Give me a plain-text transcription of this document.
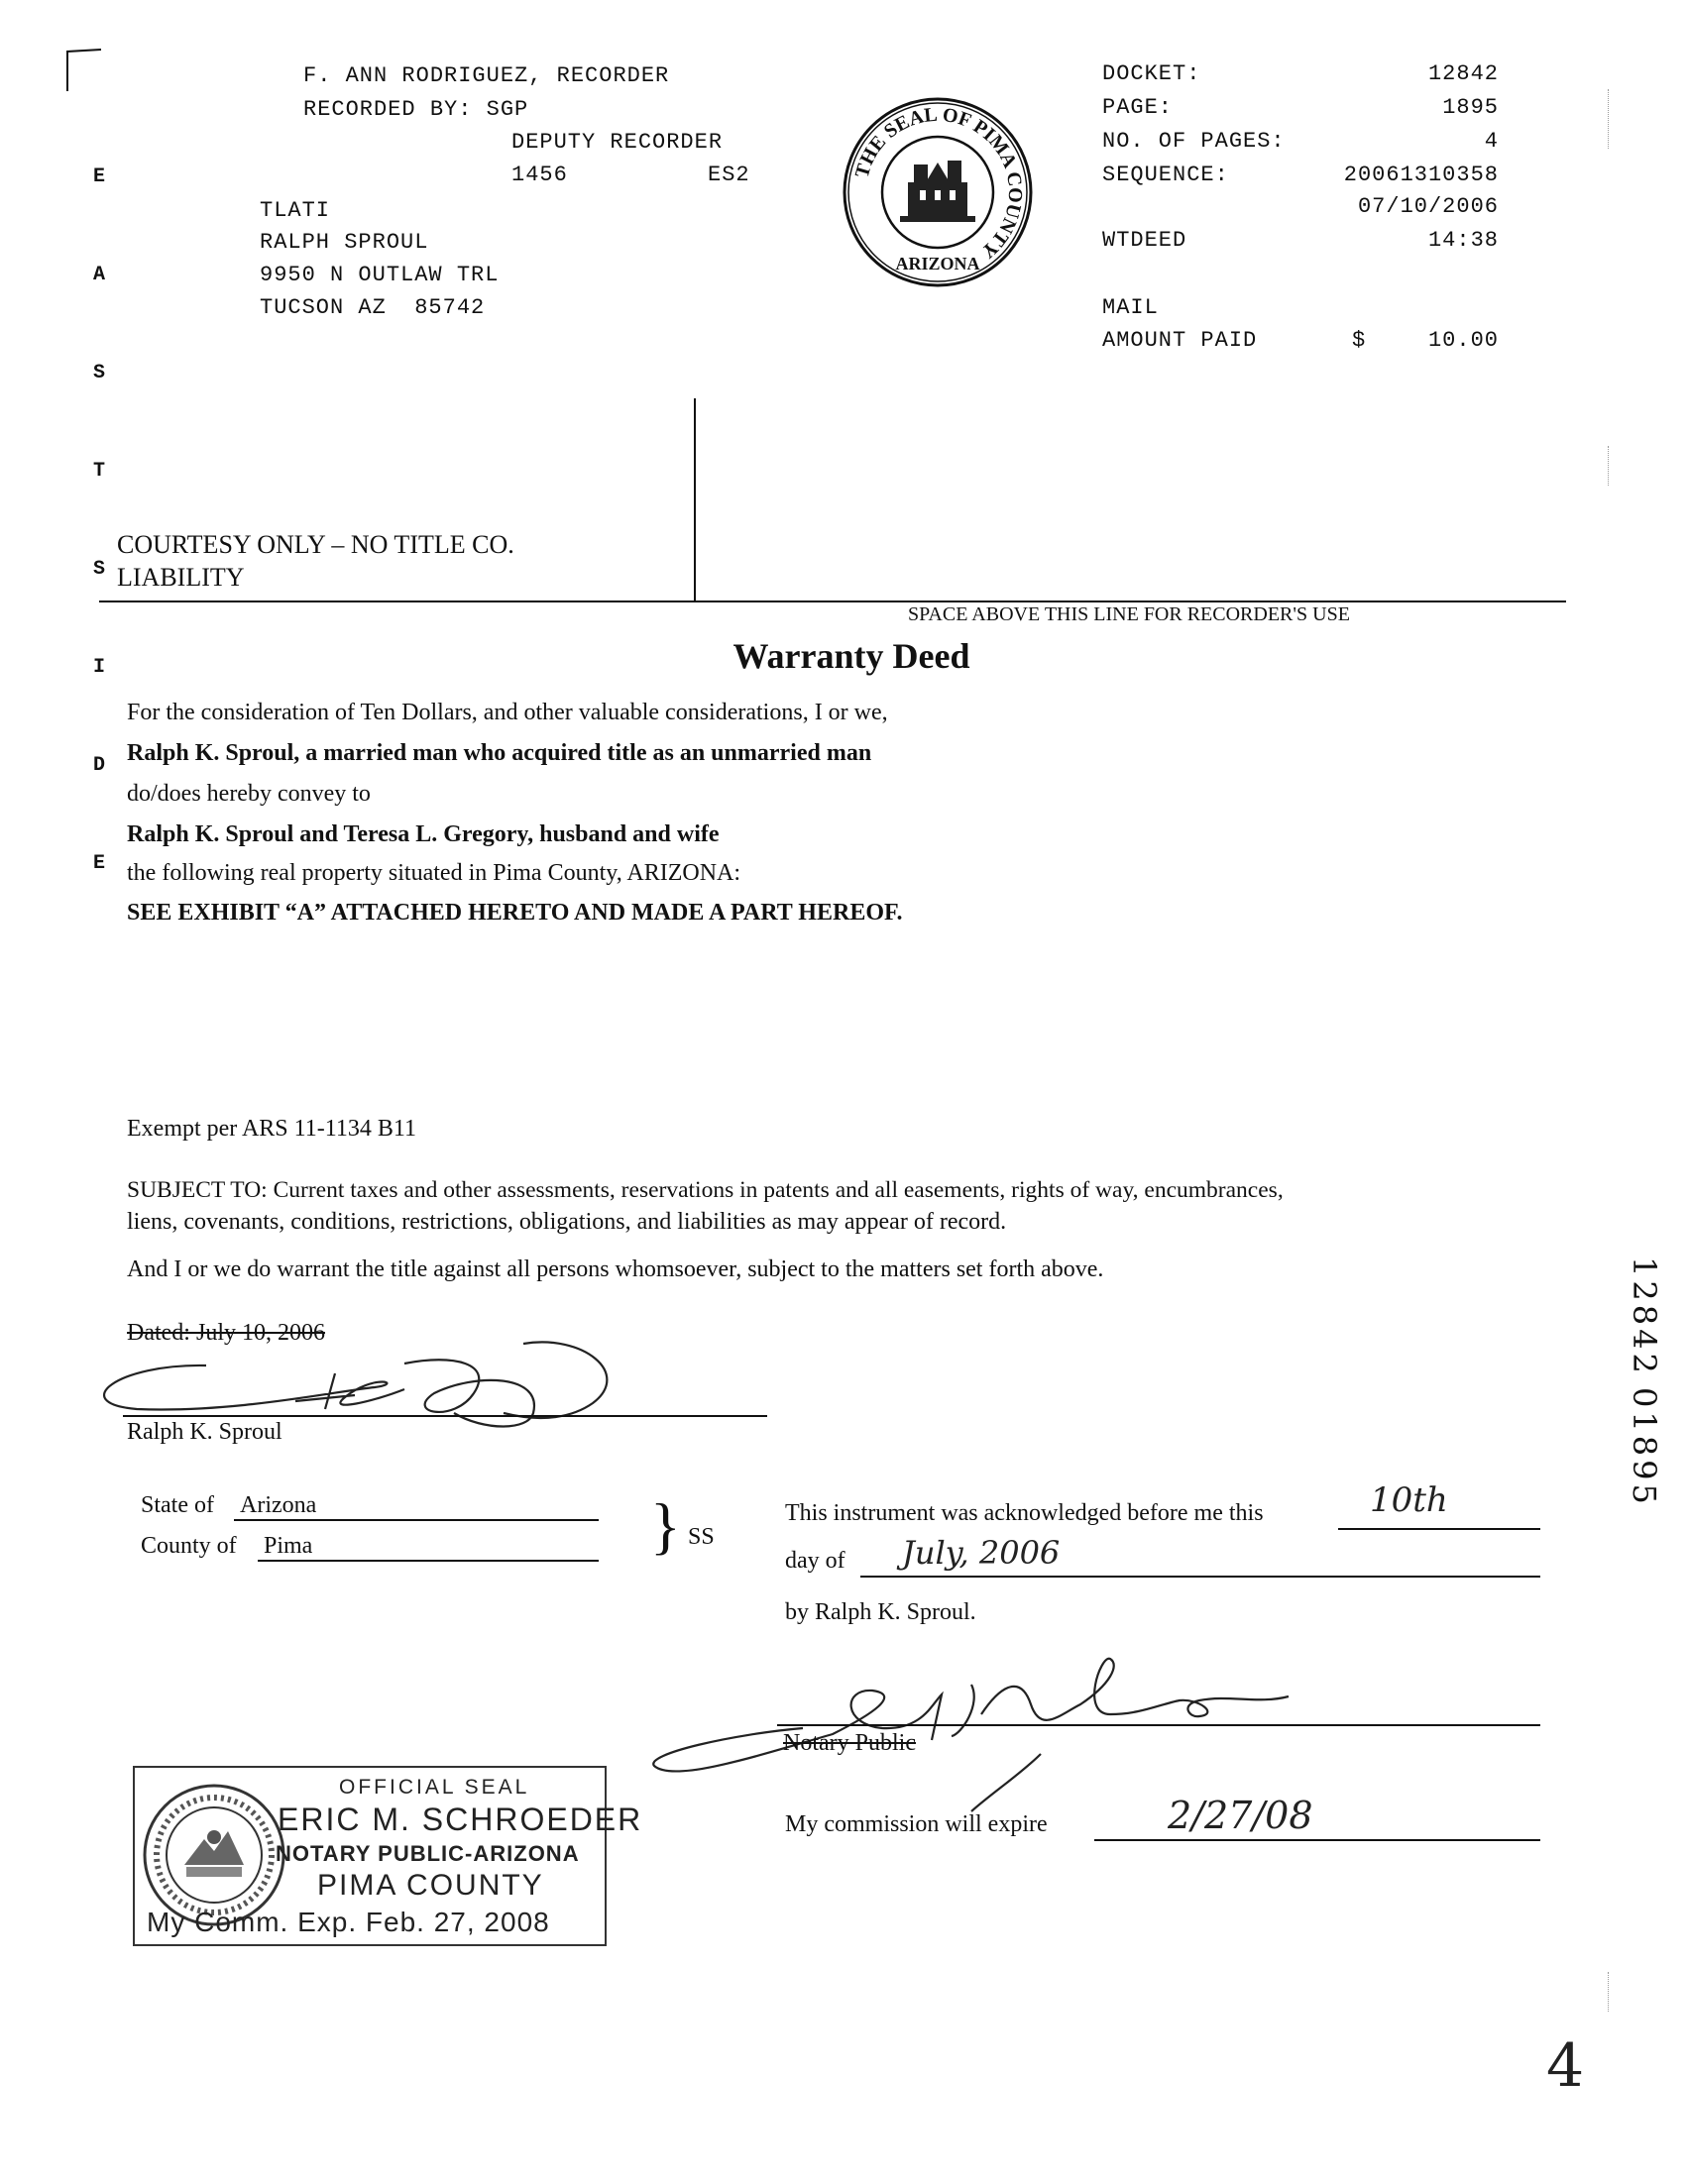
E

A

S

T

S

I

D

E

F. ANN RODRIGUEZ, RECORDER
RECORDED BY: SGP
DEPUTY RECORDER
1456	ES2
TLATI
RALPH SPROUL
9950 N OUTLAW TRL
TUCSON AZ  85742
THE SEAL OF PIMA COUNTY
ARIZONA
DOCKET:	12842
PAGE:	1895
NO. OF PAGES:	4
SEQUENCE:	20061310358
07/10/2006
WTDEED	14:38
MAIL
AMOUNT PAID	$	10.00
COURTESY ONLY – NO TITLE CO.
LIABILITY
SPACE ABOVE THIS LINE FOR RECORDER'S USE
Warranty Deed
For the consideration of Ten Dollars, and other valuable considerations, I or we,
Ralph K. Sproul, a married man who acquired title as an unmarried man
do/does hereby convey to
Ralph K. Sproul and Teresa L. Gregory, husband and wife
the following real property situated in Pima County, ARIZONA:
SEE EXHIBIT “A” ATTACHED HERETO AND MADE A PART HEREOF.
Exempt per ARS 11-1134 B11
SUBJECT TO: Current taxes and other assessments, reservations in patents and all easements, rights of way, encumbrances,
liens, covenants, conditions, restrictions, obligations, and liabilities as may appear of record.
And I or we do warrant the title against all persons whomsoever, subject to the matters set forth above.
Dated: July 10, 2006
Ralph K. Sproul
State of Arizona
County of Pima	} SS
This instrument was acknowledged before me this	10th
day of July, 2006
by Ralph K. Sproul.
Notary Public
My commission will expire	2/27/08
OFFICIAL SEAL
ERIC M. SCHROEDER
NOTARY PUBLIC-ARIZONA
PIMA COUNTY
My Comm. Exp. Feb. 27, 2008
12842
01895
4
